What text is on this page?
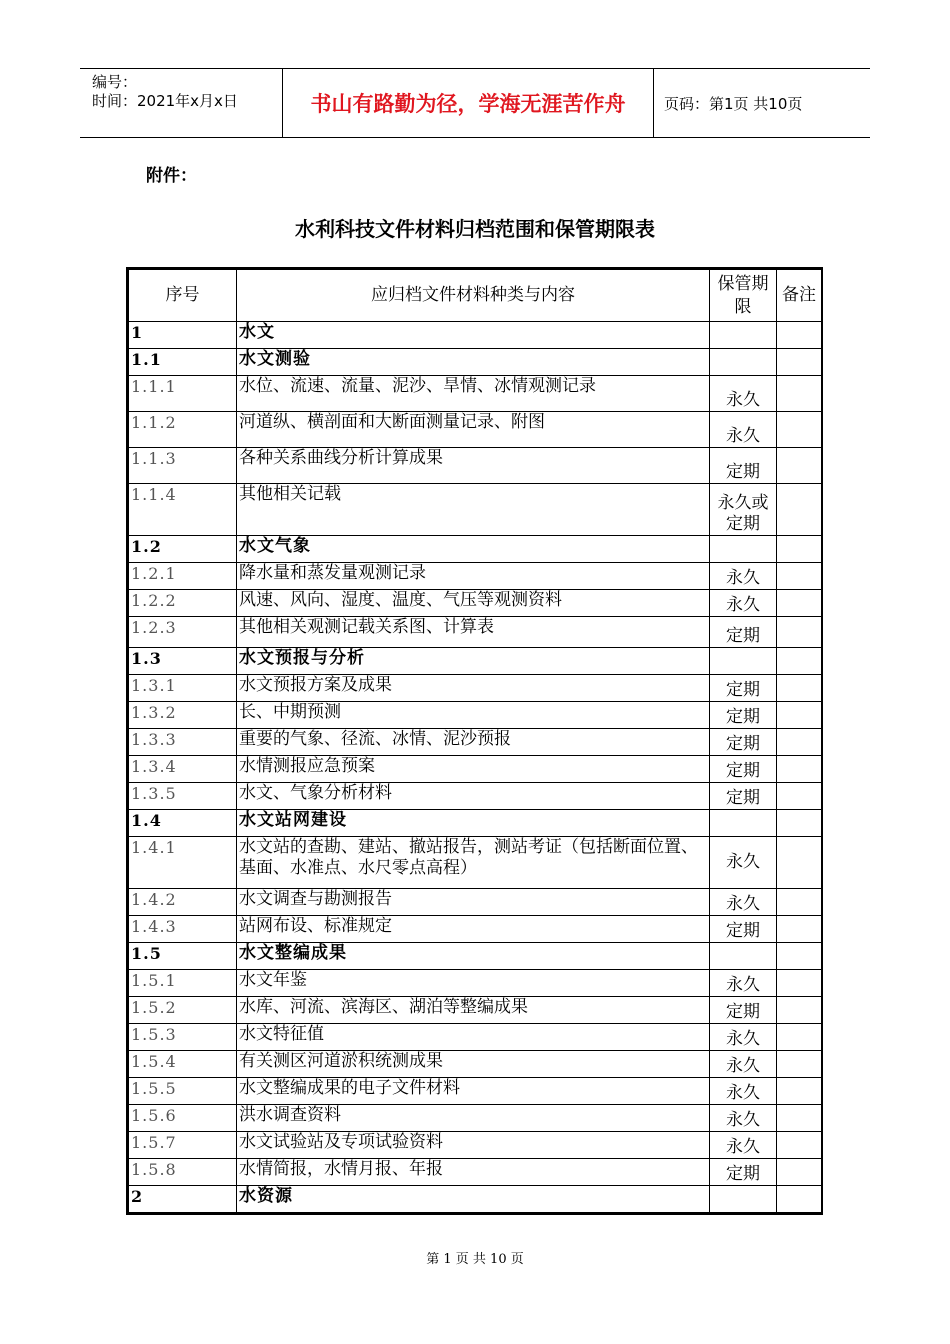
编号：
时间：2021年x月x日	书山有路勤为径，学海无涯苦作舟	页码：第1页 共10页
附件：
水利科技文件材料归档范围和保管期限表
序号	应归档文件材料种类与内容	保管期限	备注
1	水文		
1.1	水文测验		
1.1.1	水位、流速、流量、泥沙、旱情、冰情观测记录	永久	
1.1.2	河道纵、横剖面和大断面测量记录、附图	永久	
1.1.3	各种关系曲线分析计算成果	定期	
1.1.4	其他相关记载	永久或定期	
1.2	水文气象		
1.2.1	降水量和蒸发量观测记录	永久	
1.2.2	风速、风向、湿度、温度、气压等观测资料	永久	
1.2.3	其他相关观测记载关系图、计算表	定期	
1.3	水文预报与分析		
1.3.1	水文预报方案及成果	定期	
1.3.2	长、中期预测	定期	
1.3.3	重要的气象、径流、冰情、泥沙预报	定期	
1.3.4	水情测报应急预案	定期	
1.3.5	水文、气象分析材料	定期	
1.4	水文站网建设		
1.4.1	水文站的查勘、建站、撤站报告，测站考证（包括断面位置、基面、水准点、水尺零点高程）	永久	
1.4.2	水文调查与勘测报告	永久	
1.4.3	站网布设、标准规定	定期	
1.5	水文整编成果		
1.5.1	水文年鉴	永久	
1.5.2	水库、河流、滨海区、湖泊等整编成果	定期	
1.5.3	水文特征值	永久	
1.5.4	有关测区河道淤积统测成果	永久	
1.5.5	水文整编成果的电子文件材料	永久	
1.5.6	洪水调查资料	永久	
1.5.7	水文试验站及专项试验资料	永久	
1.5.8	水情简报，水情月报、年报	定期	
2	水资源		
第 1 页 共 10 页
